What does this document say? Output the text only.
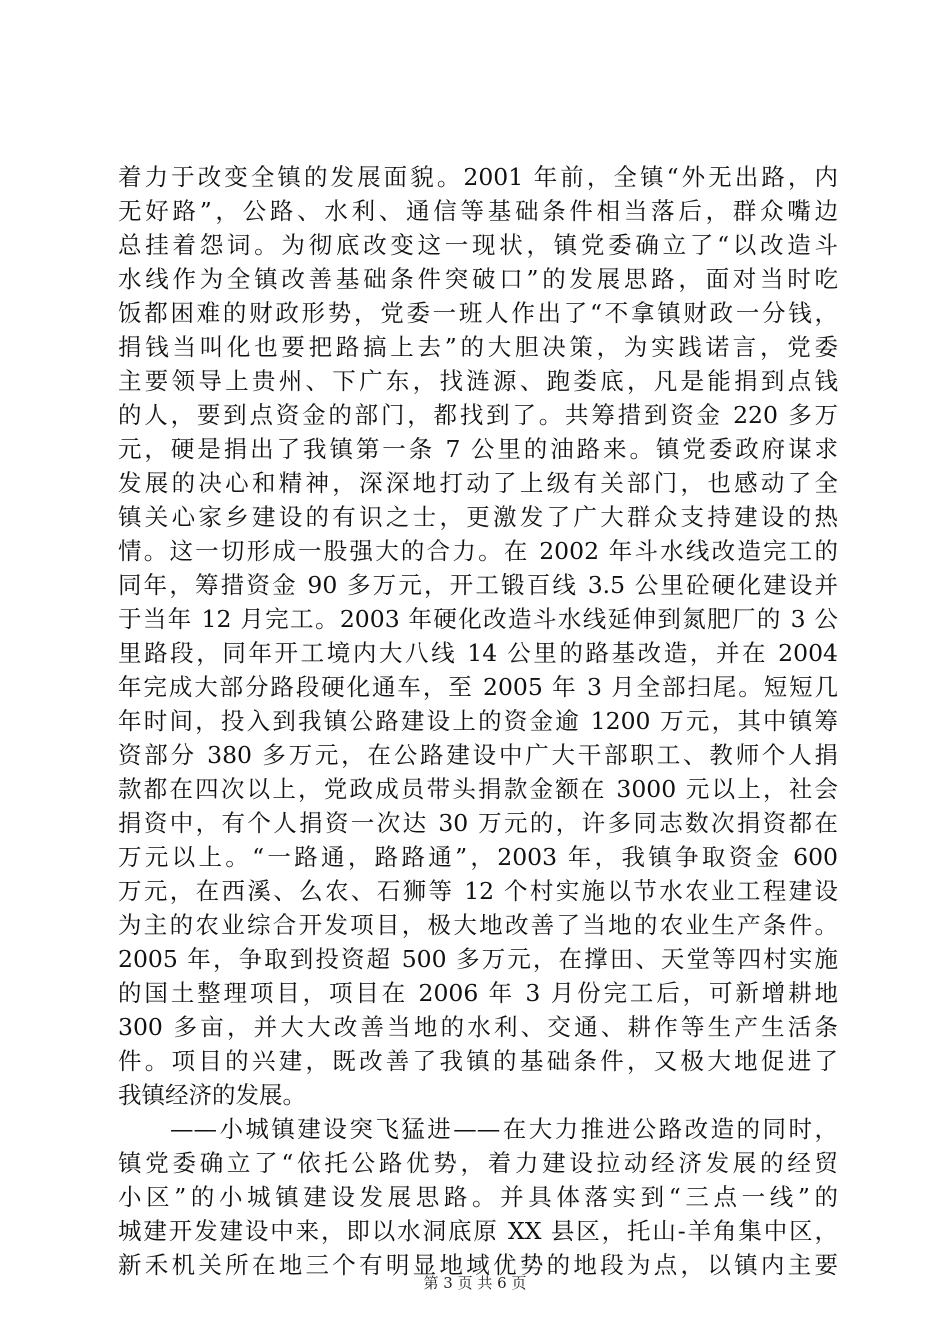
着力于改变全镇的发展面貌。2001 年前，全镇“外无出路，内
无好路”，公路、水利、通信等基础条件相当落后，群众嘴边
总挂着怨词。为彻底改变这一现状，镇党委确立了“以改造斗
水线作为全镇改善基础条件突破口”的发展思路，面对当时吃
饭都困难的财政形势，党委一班人作出了“不拿镇财政一分钱，
捐钱当叫化也要把路搞上去”的大胆决策，为实践诺言，党委
主要领导上贵州、下广东，找涟源、跑娄底，凡是能捐到点钱
的人，要到点资金的部门，都找到了。共筹措到资金 220 多万
元，硬是捐出了我镇第一条 7 公里的油路来。镇党委政府谋求
发展的决心和精神，深深地打动了上级有关部门，也感动了全
镇关心家乡建设的有识之士，更激发了广大群众支持建设的热
情。这一切形成一股强大的合力。在 2002 年斗水线改造完工的
同年，筹措资金 90 多万元，开工锻百线 3.5 公里砼硬化建设并
于当年 12 月完工。2003 年硬化改造斗水线延伸到氮肥厂的 3 公
里路段，同年开工境内大八线 14 公里的路基改造，并在 2004
年完成大部分路段硬化通车，至 2005 年 3 月全部扫尾。短短几
年时间，投入到我镇公路建设上的资金逾 1200 万元，其中镇筹
资部分 380 多万元，在公路建设中广大干部职工、教师个人捐
款都在四次以上，党政成员带头捐款金额在 3000 元以上，社会
捐资中，有个人捐资一次达 30 万元的，许多同志数次捐资都在
万元以上。“一路通，路路通”，2003 年，我镇争取资金 600
万元，在西溪、么农、石狮等 12 个村实施以节水农业工程建设
为主的农业综合开发项目，极大地改善了当地的农业生产条件。
2005 年，争取到投资超 500 多万元，在撑田、天堂等四村实施
的国土整理项目，项目在 2006 年 3 月份完工后，可新增耕地
300 多亩，并大大改善当地的水利、交通、耕作等生产生活条
件。项目的兴建，既改善了我镇的基础条件，又极大地促进了
我镇经济的发展。
　　——小城镇建设突飞猛进——在大力推进公路改造的同时，
镇党委确立了“依托公路优势，着力建设拉动经济发展的经贸
小区”的小城镇建设发展思路。并具体落实到“三点一线”的
城建开发建设中来，即以水洞底原 XX 县区，托山-羊角集中区，
新禾机关所在地三个有明显地域优势的地段为点，以镇内主要
第 3 页 共 6 页
